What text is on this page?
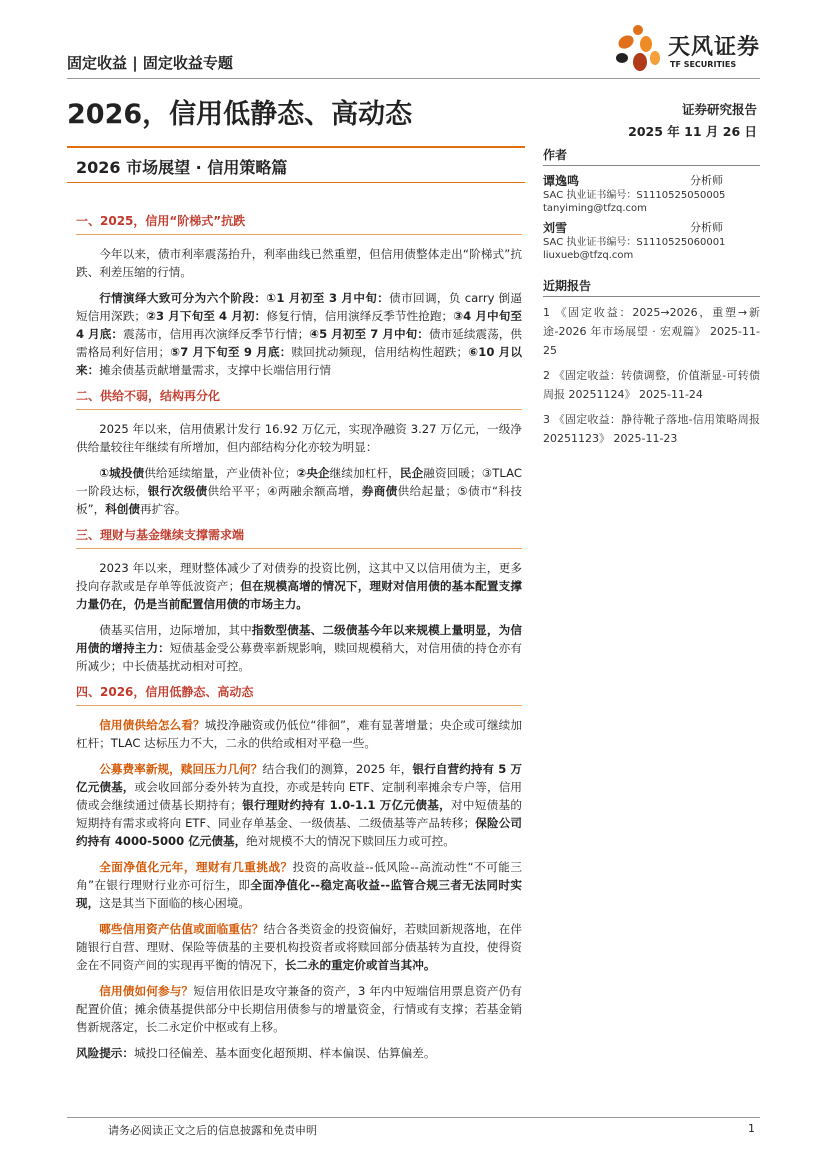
固定收益 | 固定收益专题
天风证券
TF SECURITIES
2026，信用低静态、高动态	证券研究报告
2025 年 11 月 26 日
2026 市场展望 · 信用策略篇
一、2025，信用“阶梯式”抗跌

今年以来，债市利率震荡抬升，利率曲线已然重塑，但信用债整体走出“阶梯式”抗跌、利差压缩的行情。

行情演绎大致可分为六个阶段：①1 月初至 3 月中旬：债市回调，负 carry 倒逼短信用深跌；②3 月下旬至 4 月初：修复行情，信用演绎反季节性抢跑；③4 月中旬至 4 月底：震荡市，信用再次演绎反季节行情；④5 月初至 7 月中旬：债市延续震荡，供需格局利好信用；⑤7 月下旬至 9 月底：赎回扰动频现，信用结构性超跌；⑥10 月以来：摊余债基贡献增量需求，支撑中长端信用行情

二、供给不弱，结构再分化

2025 年以来，信用债累计发行 16.92 万亿元，实现净融资 3.27 万亿元，一级净供给量较往年继续有所增加，但内部结构分化亦较为明显：

①城投债供给延续缩量，产业债补位；②央企继续加杠杆，民企融资回暖；③TLAC 一阶段达标，银行次级债供给平平；④两融余额高增，券商债供给起量；⑤债市“科技板”，科创债再扩容。

三、理财与基金继续支撑需求端

2023 年以来，理财整体减少了对债券的投资比例，这其中又以信用债为主，更多投向存款或是存单等低波资产；但在规模高增的情况下，理财对信用债的基本配置支撑力量仍在，仍是当前配置信用债的市场主力。

债基买信用，边际增加，其中指数型债基、二级债基今年以来规模上量明显，为信用债的增持主力：短债基金受公募费率新规影响，赎回规模稍大，对信用债的持仓亦有所减少；中长债基扰动相对可控。

四、2026，信用低静态、高动态

信用债供给怎么看？城投净融资或仍低位“徘徊”，难有显著增量；央企或可继续加杠杆；TLAC 达标压力不大，二永的供给或相对平稳一些。

公募费率新规，赎回压力几何？结合我们的测算，2025 年，银行自营约持有 5 万亿元债基，或会收回部分委外转为直投，亦或是转向 ETF、定制利率摊余专户等，信用债或会继续通过债基长期持有；银行理财约持有 1.0-1.1 万亿元债基，对中短债基的短期持有需求或将向 ETF、同业存单基金、一级债基、二级债基等产品转移；保险公司约持有 4000-5000 亿元债基，绝对规模不大的情况下赎回压力或可控。

全面净值化元年，理财有几重挑战？投资的高收益--低风险--高流动性“不可能三角”在银行理财行业亦可衍生，即全面净值化--稳定高收益--监管合规三者无法同时实现，这是其当下面临的核心困境。

哪些信用资产估值或面临重估？结合各类资金的投资偏好，若赎回新规落地，在伴随银行自营、理财、保险等债基的主要机构投资者或将赎回部分债基转为直投，使得资金在不同资产间的实现再平衡的情况下，长二永的重定价或首当其冲。

信用债如何参与？短信用依旧是攻守兼备的资产，3 年内中短端信用票息资产仍有配置价值；摊余债基提供部分中长期信用债参与的增量资金，行情或有支撑；若基金销售新规落定，长二永定价中枢或有上移。

风险提示：城投口径偏差、基本面变化超预期、样本偏误、估算偏差。

作者
谭逸鸣	分析师
SAC 执业证书编号：S1110525050005
tanyiming@tfzq.com
刘雪	分析师
SAC 执业证书编号：S1110525060001
liuxueb@tfzq.com
近期报告
1 《固定收益：2025→2026，重塑→新途-2026 年市场展望 · 宏观篇》 2025-11-25
2 《固定收益：转债调整，价值渐显-可转债周报 20251124》 2025-11-24
3 《固定收益：静待靴子落地-信用策略周报 20251123》 2025-11-23
请务必阅读正文之后的信息披露和免责申明	1
